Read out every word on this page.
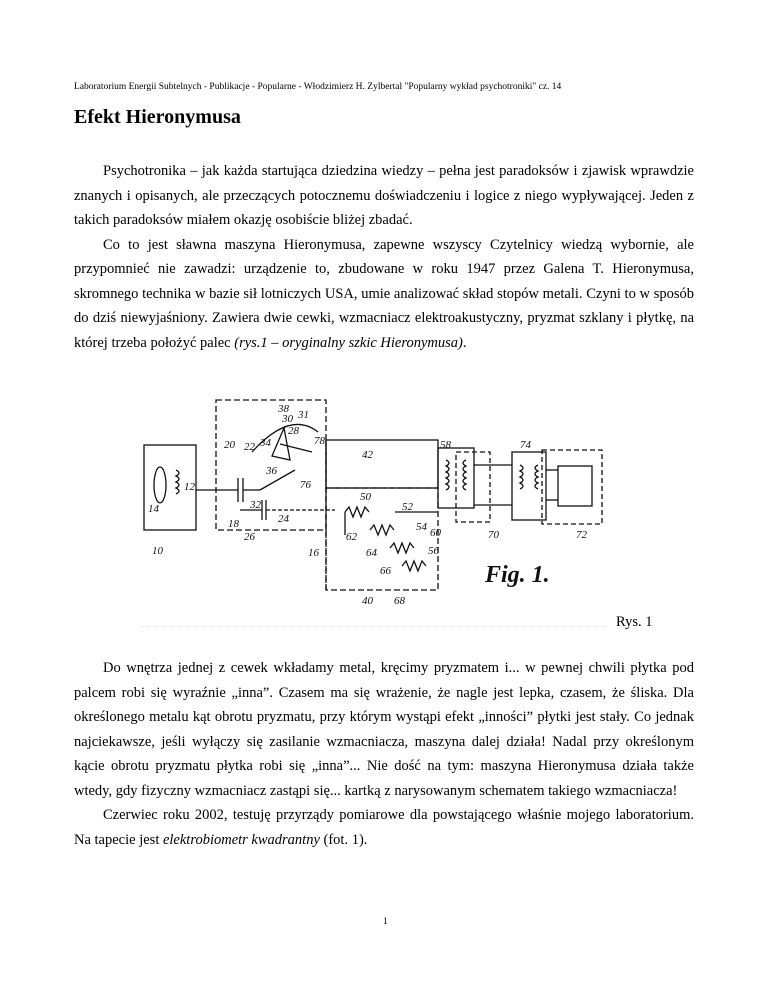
Laboratorium Energii Subtelnych - Publikacje - Popularne - Włodzimierz H. Zylbertal "Popularny wykład psychotroniki" cz. 14
Efekt Hieronymusa

Psychotronika – jak każda startująca dziedzina wiedzy – pełna jest paradoksów i zjawisk wprawdzie znanych i opisanych, ale przeczących potocznemu doświadczeniu i logice z niego wypływającej. Jeden z takich paradoksów miałem okazję osobiście bliżej zbadać.

Co to jest sławna maszyna Hieronymusa, zapewne wszyscy Czytelnicy wiedzą wybornie, ale przypomnieć nie zawadzi: urządzenie to, zbudowane w roku 1947 przez Galena T. Hieronymusa, skromnego technika w bazie sił lotniczych USA, umie analizować skład stopów metali. Czyni to w sposób do dziś niewyjaśniony. Zawiera dwie cewki, wzmacniacz elektroakustyczny, pryzmat szklany i płytkę, na której trzeba położyć palec (rys.1 – oryginalny szkic Hieronymusa).

10
12
14
16
18
20 22
24
26
28
30 31
32
34
36
38
40
42
50
52
54
56
58
60
62
64
66
68
70	72
74
76
78
Fig. 1.
Rys. 1

Do wnętrza jednej z cewek wkładamy metal, kręcimy pryzmatem i... w pewnej chwili płytka pod palcem robi się wyraźnie „inna”. Czasem ma się wrażenie, że nagle jest lepka, czasem, że śliska. Dla określonego metalu kąt obrotu pryzmatu, przy którym wystąpi efekt „inności” płytki jest stały. Co jednak najciekawsze, jeśli wyłączy się zasilanie wzmacniacza, maszyna dalej działa! Nadal przy określonym kącie obrotu pryzmatu płytka robi się „inna”... Nie dość na tym: maszyna Hieronymusa działa także wtedy, gdy fizyczny wzmacniacz zastąpi się... kartką z narysowanym schematem takiego wzmacniacza!

Czerwiec roku 2002, testuję przyrządy pomiarowe dla powstającego właśnie mojego laboratorium. Na tapecie jest elektrobiometr kwadrantny (fot. 1).

1
